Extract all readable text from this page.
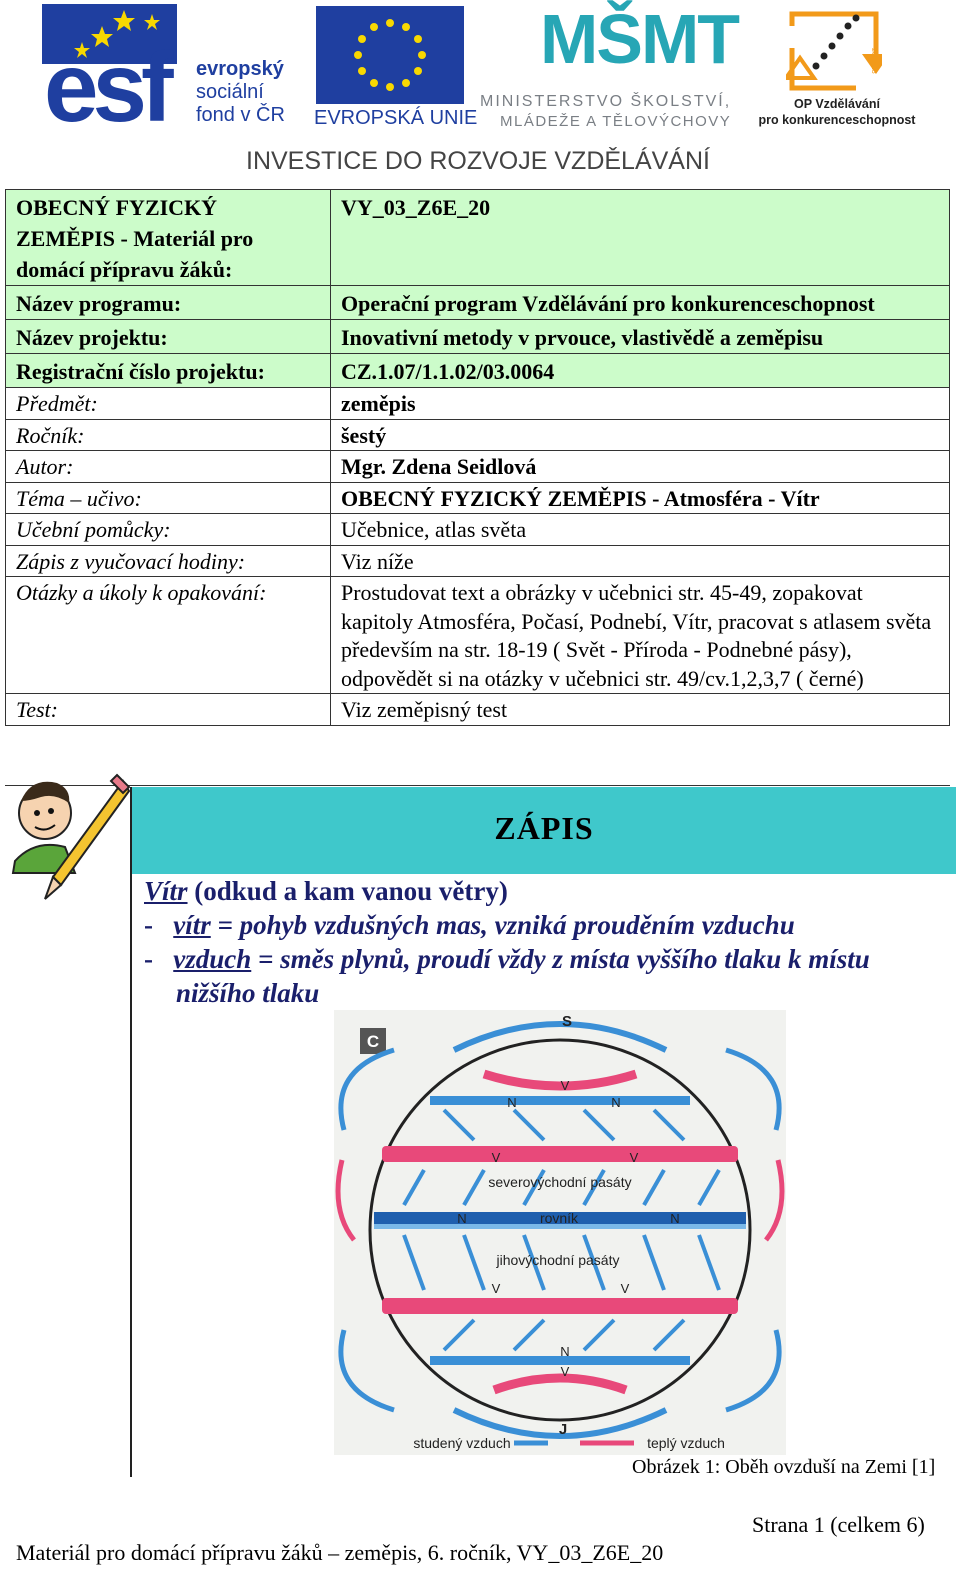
esf evropský
sociální
fond v ČR EVROPSKÁ UNIE
MŠMT
MINISTERSTVO ŠKOLSTVÍ,
MLÁDEŽE A TĚLOVÝCHOVY
2007-13
OP Vzdělávání
pro konkurenceschopnost
INVESTICE DO ROZVOJE VZDĚLÁVÁNÍ
OBECNÝ FYZICKÝ ZEMĚPIS - Materiál pro domácí přípravu žáků:	VY_03_Z6E_20
Název programu:	Operační program Vzdělávání pro konkurenceschopnost
Název projektu:	Inovativní metody v prvouce, vlastivědě a zeměpisu
Registrační číslo projektu:	CZ.1.07/1.1.02/03.0064
Předmět:	zeměpis
Ročník:	šestý
Autor:	Mgr. Zdena Seidlová
Téma – učivo:	OBECNÝ FYZICKÝ ZEMĚPIS - Atmosféra - Vítr
Učební pomůcky:	Učebnice, atlas světa
Zápis z vyučovací hodiny:	Viz níže
Otázky a úkoly k opakování:	Prostudovat text a obrázky v učebnici str. 45-49, zopakovat kapitoly Atmosféra, Počasí, Podnebí, Vítr, pracovat s atlasem světa především na str. 18-19 ( Svět - Příroda - Podnebné pásy), odpovědět si na otázky v učebnici str. 49/cv.1,2,3,7 ( černé)
Test:	Viz zeměpisný test
ZÁPIS
Vítr (odkud a kam vanou větry)
-   vítr = pohyb vzdušných mas, vzniká prouděním vzduchu
-   vzduch = směs plynů, proudí vždy z místa vyššího tlaku k místu
nižšího tlaku
C
S
J
V
N	N
V	V
severovýchodní pasáty
N	rovník	N
jihovýchodní pasáty
V	V
N
V
studený vzduch	teplý vzduch
Obrázek 1: Oběh ovzduší na Zemi [1]
Strana 1 (celkem 6)
Materiál pro domácí přípravu žáků – zeměpis, 6. ročník, VY_03_Z6E_20
